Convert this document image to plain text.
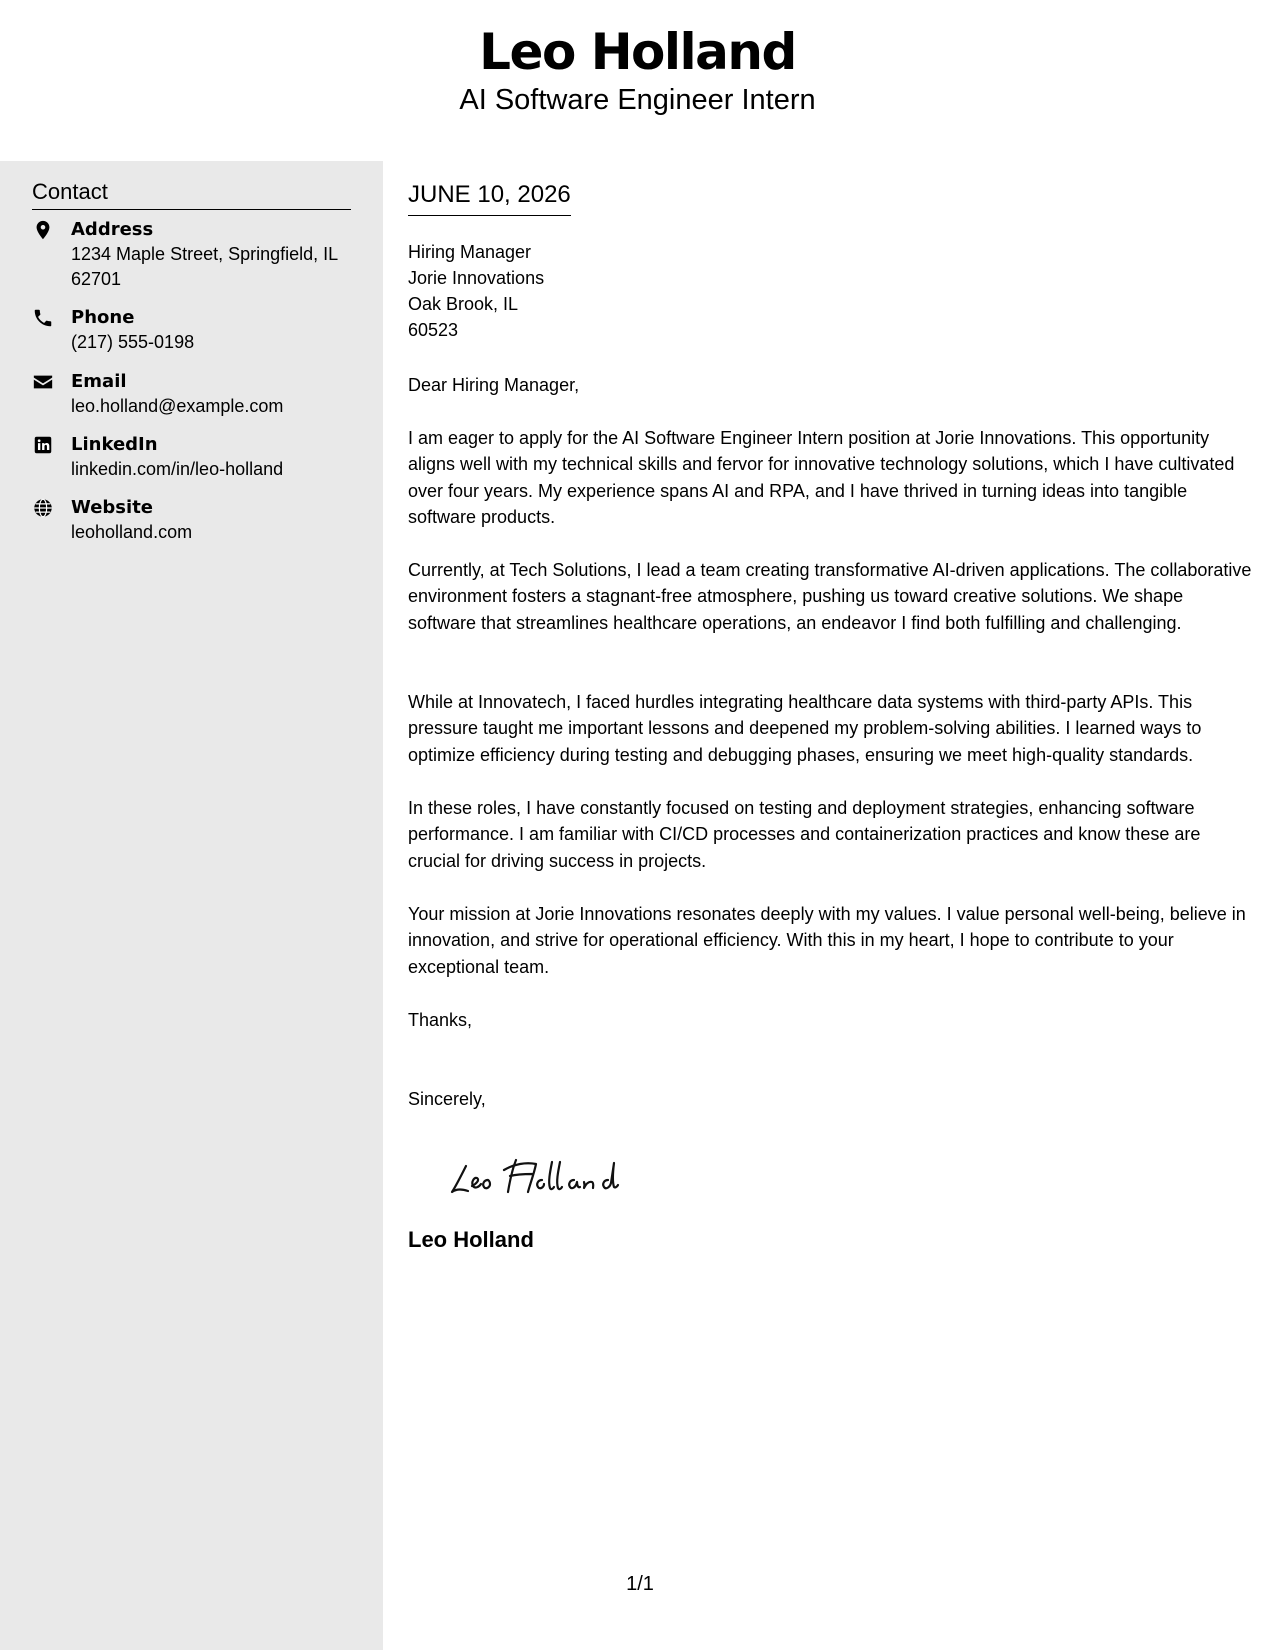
Leo Holland
AI Software Engineer Intern
Contact
Address
1234 Maple Street, Springfield, IL 62701
Phone
(217) 555-0198
Email
leo.holland@example.com
LinkedIn
linkedin.com/in/leo-holland
Website
leoholland.com
JUNE 10, 2026
Hiring Manager
Jorie Innovations
Oak Brook, IL
60523
Dear Hiring Manager,

I am eager to apply for the AI Software Engineer Intern position at Jorie Innovations. This opportunity aligns well with my technical skills and fervor for innovative technology solutions, which I have cultivated over four years. My experience spans AI and RPA, and I have thrived in turning ideas into tangible software products.

Currently, at Tech Solutions, I lead a team creating transformative AI-driven applications. The collaborative environment fosters a stagnant-free atmosphere, pushing us toward creative solutions. We shape software that streamlines healthcare operations, an endeavor I find both fulfilling and challenging.

While at Innovatech, I faced hurdles integrating healthcare data systems with third-party APIs. This pressure taught me important lessons and deepened my problem-solving abilities. I learned ways to optimize efficiency during testing and debugging phases, ensuring we meet high-quality standards.

In these roles, I have constantly focused on testing and deployment strategies, enhancing software performance. I am familiar with CI/CD processes and containerization practices and know these are crucial for driving success in projects.

Your mission at Jorie Innovations resonates deeply with my values. I value personal well-being, believe in innovation, and strive for operational efficiency. With this in my heart, I hope to contribute to your exceptional team.

Thanks,
Sincerely,
Leo Holland
1/1
